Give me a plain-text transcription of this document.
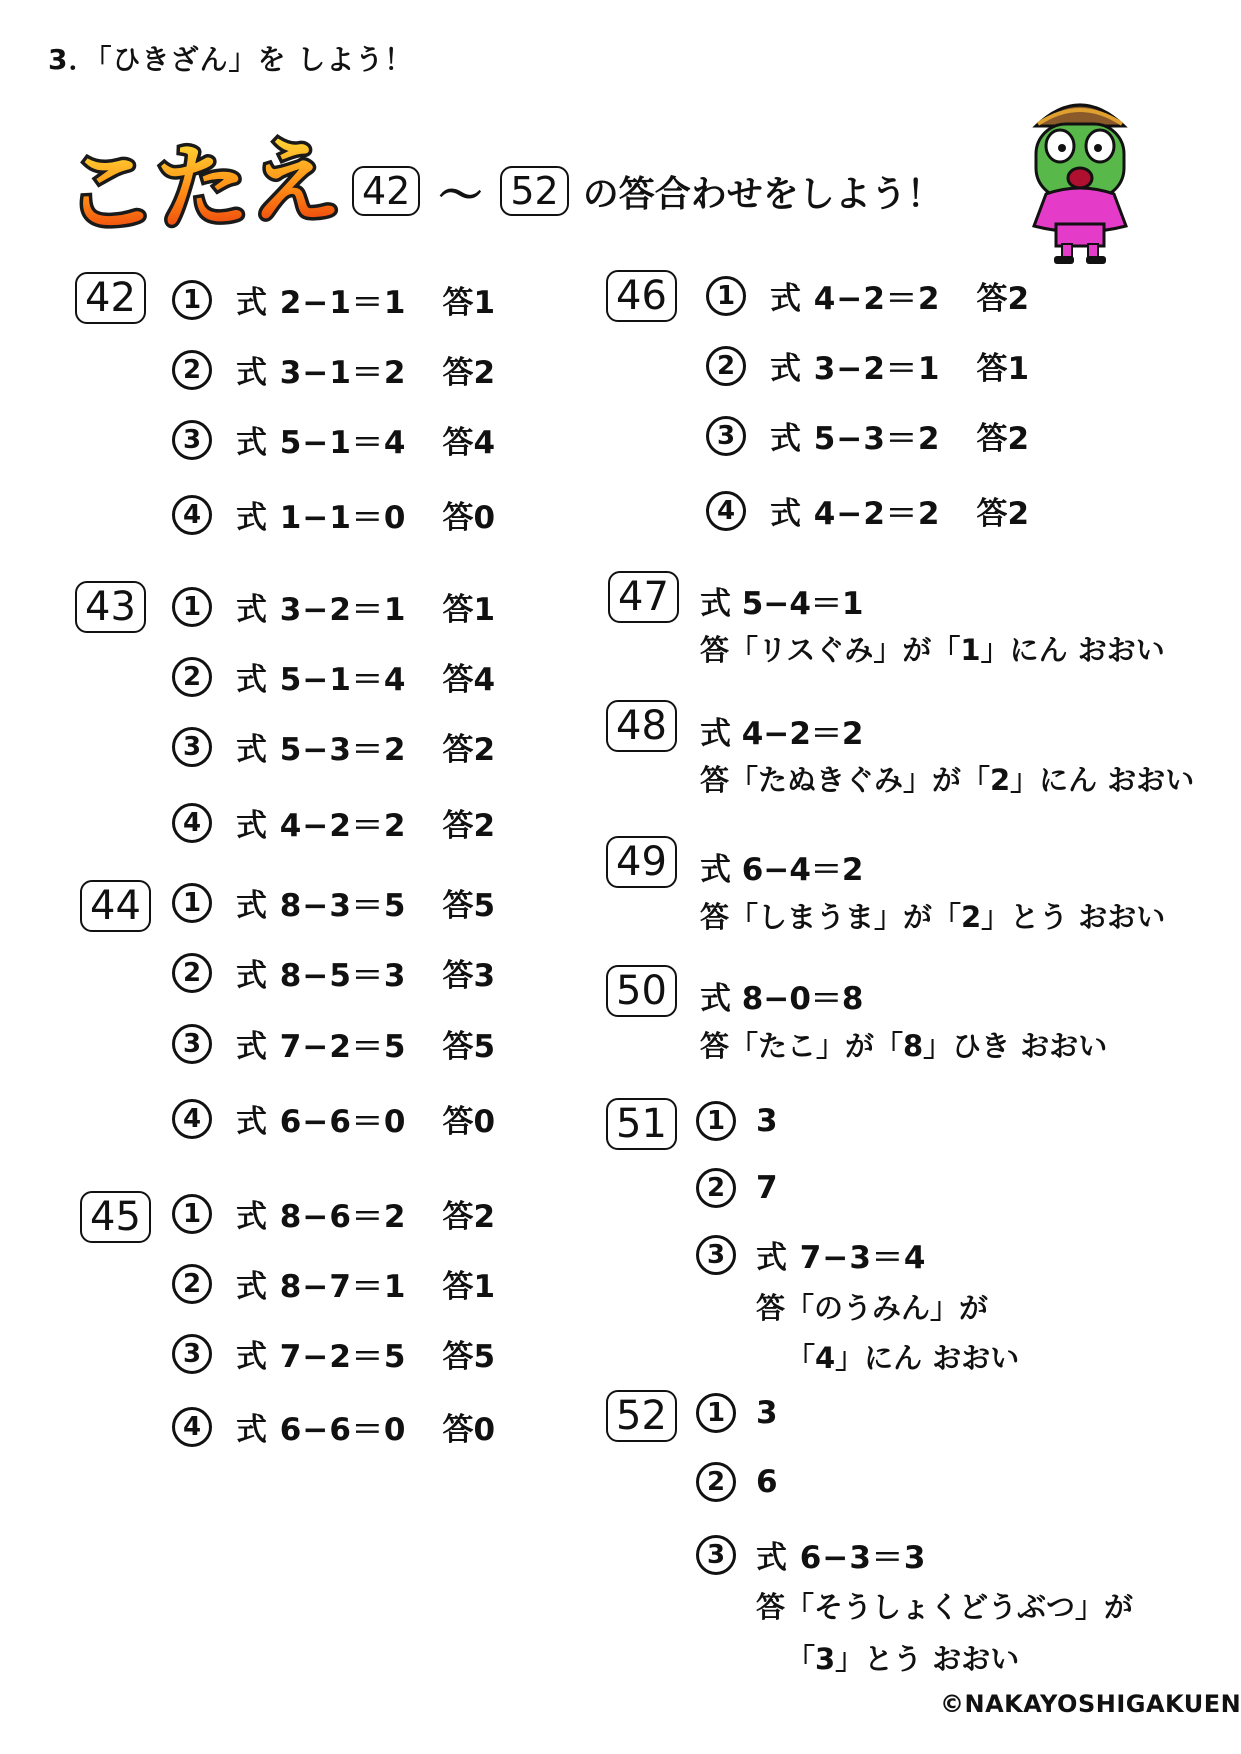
3．「ひきざん」を しよう！
こたえ 42 〜 52 の答合わせをしよう！
42	1	式 2−1＝1 答1
2	式 3−1＝2 答2
3	式 5−1＝4 答4
4	式 1−1＝0 答0
43	1	式 3−2＝1 答1
2	式 5−1＝4 答4
3	式 5−3＝2 答2
4	式 4−2＝2 答2
44	1	式 8−3＝5 答5
2	式 8−5＝3 答3
3	式 7−2＝5 答5
4	式 6−6＝0 答0
45	1	式 8−6＝2 答2
2	式 8−7＝1 答1
3	式 7−2＝5 答5
4	式 6−6＝0 答0
46	1	式 4−2＝2 答2
2	式 3−2＝1 答1
3	式 5−3＝2 答2
4	式 4−2＝2 答2
47	式 5−4＝1
答「リスぐみ」が「1」にん おおい
48	式 4−2＝2
答「たぬきぐみ」が「2」にん おおい
49	式 6−4＝2
答「しまうま」が「2」とう おおい
50	式 8−0＝8
答「たこ」が「8」ひき おおい
51	1 3
2 7
3 式 7−3＝4
答「のうみん」が
「4」にん おおい
52	1 3
2 6
3 式 6−3＝3
答「そうしょくどうぶつ」が
「3」とう おおい
©NAKAYOSHIGAKUEN
